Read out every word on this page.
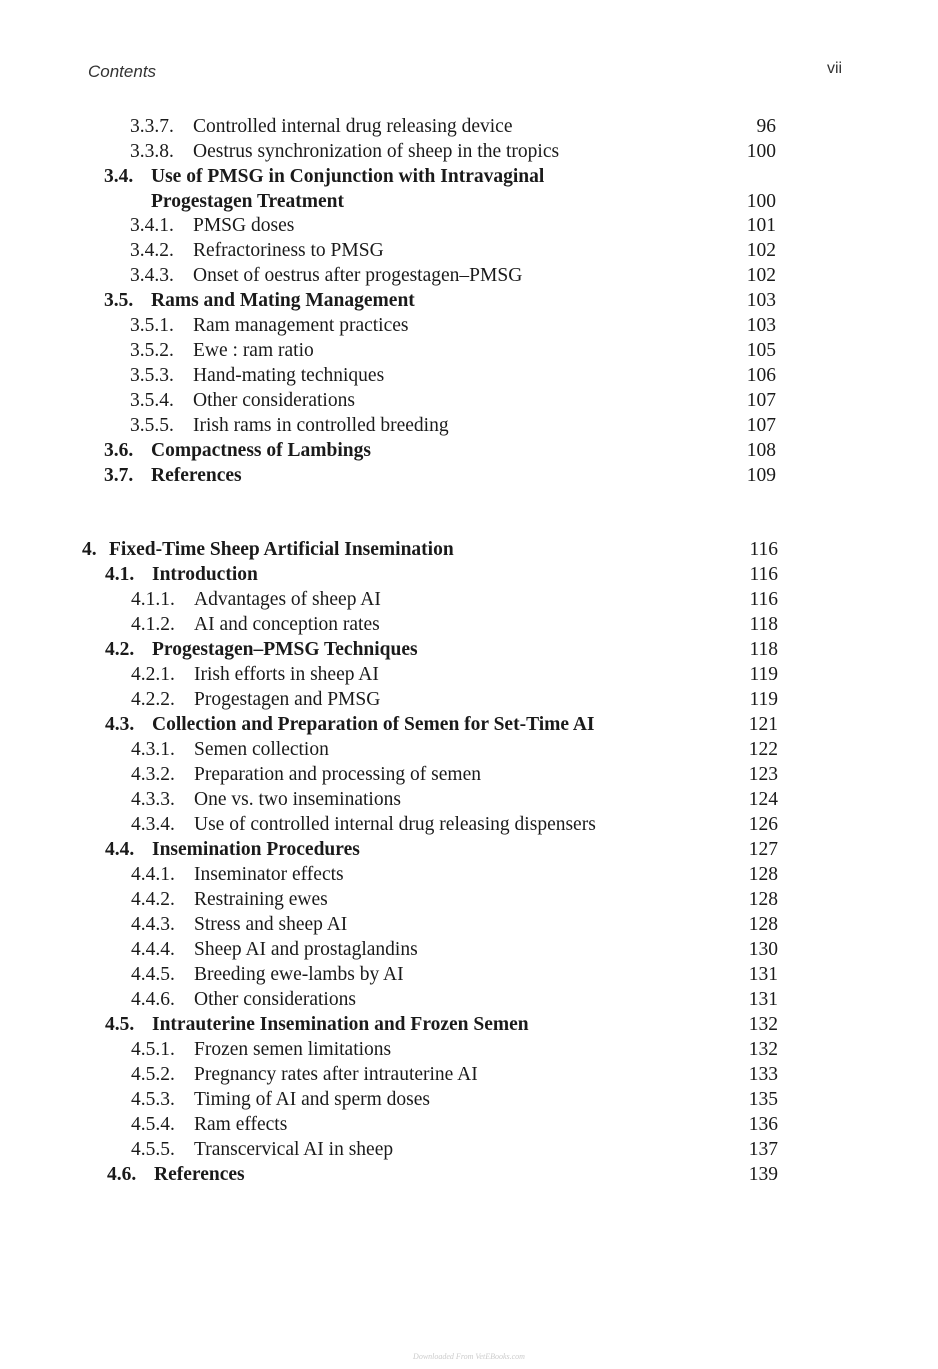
Contents	vii
3.3.7. Controlled internal drug releasing device	96
3.3.8. Oestrus synchronization of sheep in the tropics	100
3.4. Use of PMSG in Conjunction with Intravaginal
Progestagen Treatment	100
3.4.1. PMSG doses	101
3.4.2. Refractoriness to PMSG	102
3.4.3. Onset of oestrus after progestagen–PMSG	102
3.5. Rams and Mating Management	103
3.5.1. Ram management practices	103
3.5.2. Ewe : ram ratio	105
3.5.3. Hand-mating techniques	106
3.5.4. Other considerations	107
3.5.5. Irish rams in controlled breeding	107
3.6. Compactness of Lambings	108
3.7. References	109
4. Fixed-Time Sheep Artificial Insemination	116
4.1. Introduction	116
4.1.1. Advantages of sheep AI	116
4.1.2. AI and conception rates	118
4.2. Progestagen–PMSG Techniques	118
4.2.1. Irish efforts in sheep AI	119
4.2.2. Progestagen and PMSG	119
4.3. Collection and Preparation of Semen for Set-Time AI	121
4.3.1. Semen collection	122
4.3.2. Preparation and processing of semen	123
4.3.3. One vs. two inseminations	124
4.3.4. Use of controlled internal drug releasing dispensers	126
4.4. Insemination Procedures	127
4.4.1. Inseminator effects	128
4.4.2. Restraining ewes	128
4.4.3. Stress and sheep AI	128
4.4.4. Sheep AI and prostaglandins	130
4.4.5. Breeding ewe-lambs by AI	131
4.4.6. Other considerations	131
4.5. Intrauterine Insemination and Frozen Semen	132
4.5.1. Frozen semen limitations	132
4.5.2. Pregnancy rates after intrauterine AI	133
4.5.3. Timing of AI and sperm doses	135
4.5.4. Ram effects	136
4.5.5. Transcervical AI in sheep	137
4.6. References	139
Downloaded From VetEBooks.com
